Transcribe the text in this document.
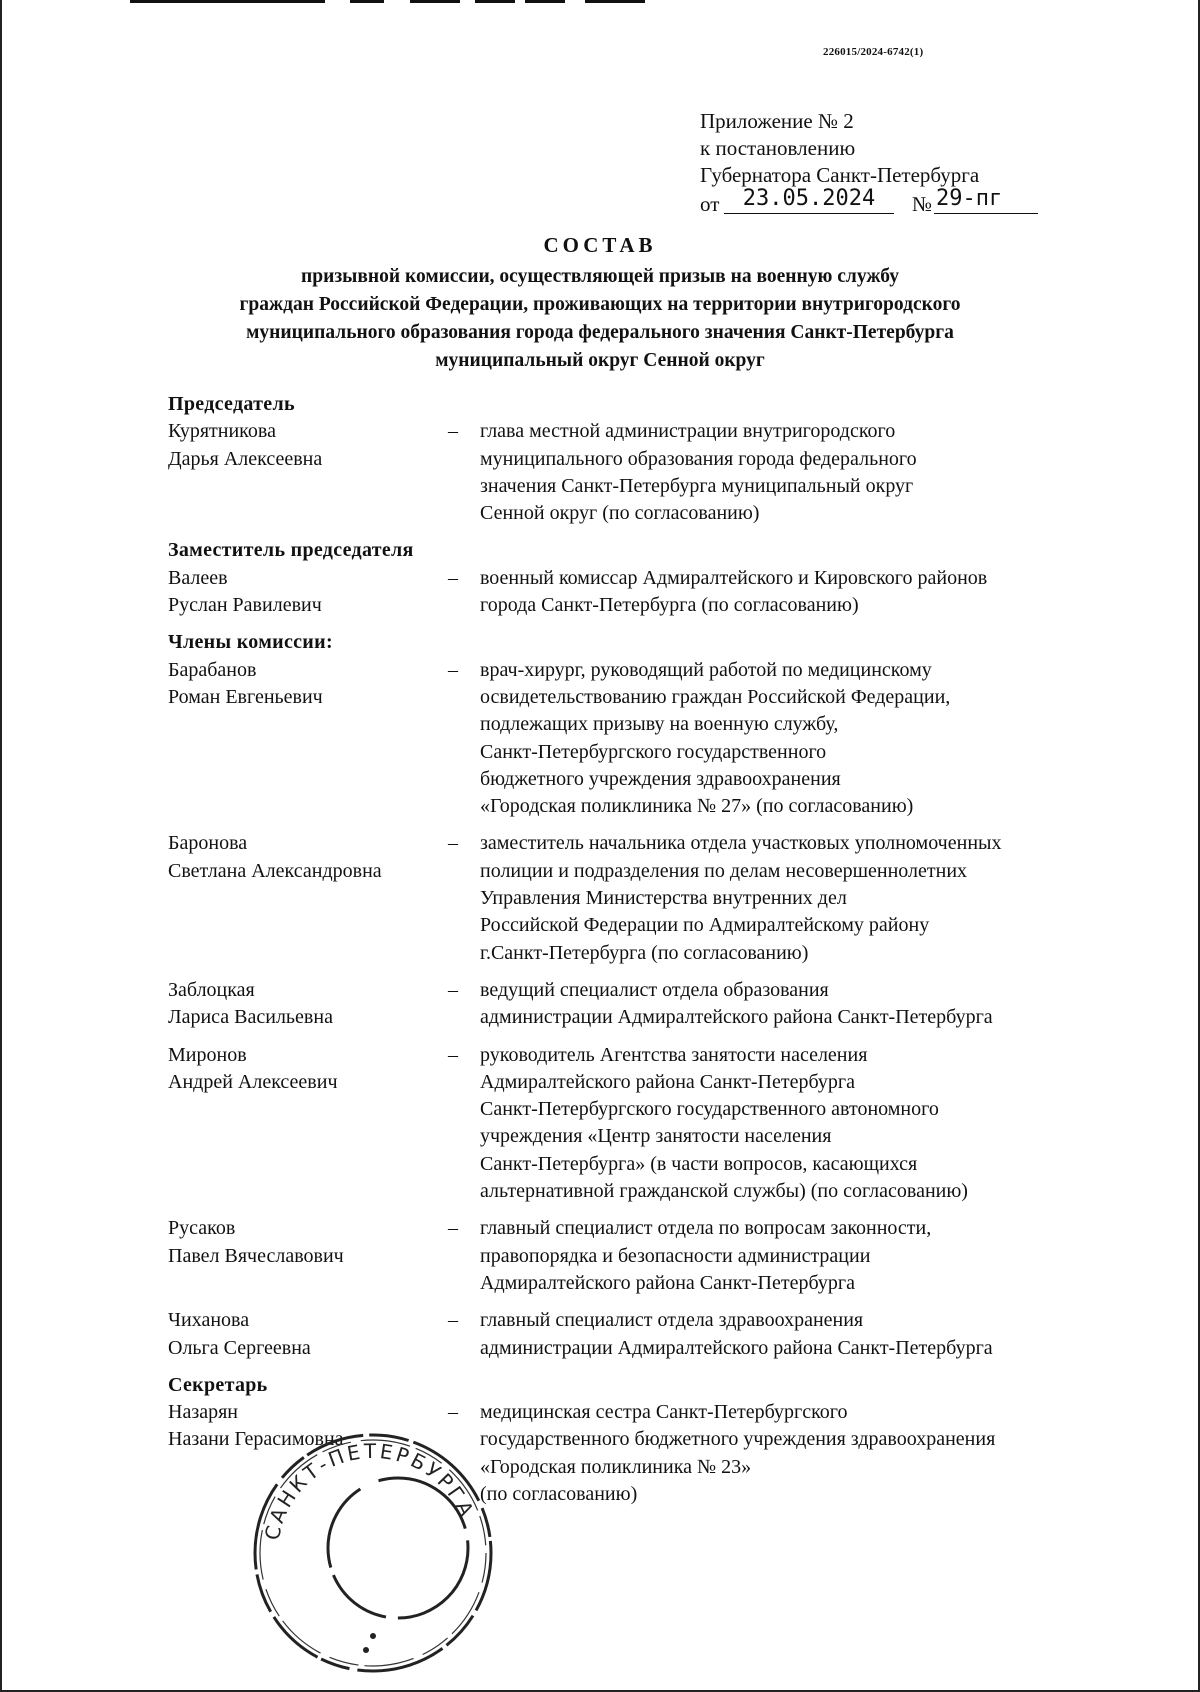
226015/2024-6742(1)
Приложение № 2
к постановлению
Губернатора Санкт-Петербурга
от	23.05.2024	№ 29-пг
СОСТАВ
призывной комиссии, осуществляющей призыв на военную службу
граждан Российской Федерации, проживающих на территории внутригородского
муниципального образования города федерального значения Санкт-Петербурга
муниципальный округ Сенной округ
Председатель
Курятникова
Дарья Алексеевна
–	глава местной администрации внутригородского
муниципального образования города федерального
значения Санкт-Петербурга муниципальный округ
Сенной округ (по согласованию)
Заместитель председателя
Валеев
Руслан Равилевич
–	военный комиссар Адмиралтейского и Кировского районов
города Санкт-Петербурга (по согласованию)
Члены комиссии:
Барабанов
Роман Евгеньевич
–	врач-хирург, руководящий работой по медицинскому
освидетельствованию граждан Российской Федерации,
подлежащих призыву на военную службу,
Санкт-Петербургского государственного
бюджетного учреждения здравоохранения
«Городская поликлиника № 27» (по согласованию)
Баронова
Светлана Александровна
–	заместитель начальника отдела участковых уполномоченных
полиции и подразделения по делам несовершеннолетних
Управления Министерства внутренних дел
Российской Федерации по Адмиралтейскому району
г.Санкт-Петербурга (по согласованию)
Заблоцкая
Лариса Васильевна
–	ведущий специалист отдела образования
администрации Адмиралтейского района Санкт-Петербурга
Миронов
Андрей Алексеевич
–	руководитель Агентства занятости населения
Адмиралтейского района Санкт-Петербурга
Санкт-Петербургского государственного автономного
учреждения «Центр занятости населения
Санкт-Петербурга» (в части вопросов, касающихся
альтернативной гражданской службы) (по согласованию)
Русаков
Павел Вячеславович
–	главный специалист отдела по вопросам законности,
правопорядка и безопасности администрации
Адмиралтейского района Санкт-Петербурга
Чиханова
Ольга Сергеевна
–	главный специалист отдела здравоохранения
администрации Адмиралтейского района Санкт-Петербурга
Секретарь
Назарян
Назани Герасимовна
–	медицинская сестра Санкт-Петербургского
государственного бюджетного учреждения здравоохранения
«Городская поликлиника № 23»
(по согласованию)
САНКТ-ПЕТЕРБУРГА
